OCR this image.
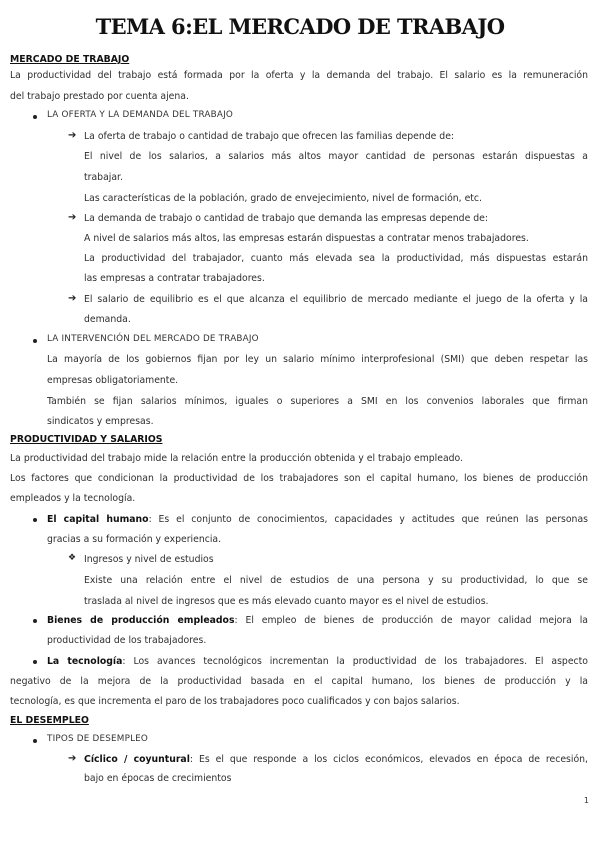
TEMA 6:EL MERCADO DE TRABAJO

MERCADO DE TRABAJO

La productividad del trabajo está formada por la oferta y la demanda del trabajo. El salario es la remuneración

del trabajo prestado por cuenta ajena.

LA OFERTA Y LA DEMANDA DEL TRABAJO

➔ La oferta de trabajo o cantidad de trabajo que ofrecen las familias depende de:

El nivel de los salarios, a salarios más altos mayor cantidad de personas estarán dispuestas a

trabajar.

Las características de la población, grado de envejecimiento, nivel de formación, etc.

➔ La demanda de trabajo o cantidad de trabajo que demanda las empresas depende de:

A nivel de salarios más altos, las empresas estarán dispuestas a contratar menos trabajadores.

La productividad del trabajador, cuanto más elevada sea la productividad, más dispuestas estarán

las empresas a contratar trabajadores.

➔ El salario de equilibrio es el que alcanza el equilibrio de mercado mediante el juego de la oferta y la

demanda.

LA INTERVENCIÓN DEL MERCADO DE TRABAJO

La mayoría de los gobiernos fijan por ley un salario mínimo interprofesional (SMI) que deben respetar las

empresas obligatoriamente.

También se fijan salarios mínimos, iguales o superiores a SMI en los convenios laborales que firman

sindicatos y empresas.

PRODUCTIVIDAD Y SALARIOS

La productividad del trabajo mide la relación entre la producción obtenida y el trabajo empleado.

Los factores que condicionan la productividad de los trabajadores son el capital humano, los bienes de producción

empleados y la tecnología.

El capital humano: Es el conjunto de conocimientos, capacidades y actitudes que reúnen las personas

gracias a su formación y experiencia.

❖ Ingresos y nivel de estudios

Existe una relación entre el nivel de estudios de una persona y su productividad, lo que se

traslada al nivel de ingresos que es más elevado cuanto mayor es el nivel de estudios.

Bienes de producción empleados: El empleo de bienes de producción de mayor calidad mejora la

productividad de los trabajadores.

La tecnología: Los avances tecnológicos incrementan la productividad de los trabajadores. El aspecto

negativo de la mejora de la productividad basada en el capital humano, los bienes de producción y la

tecnología, es que incrementa el paro de los trabajadores poco cualificados y con bajos salarios.

EL DESEMPLEO

TIPOS DE DESEMPLEO

➔ Cíclico / coyuntural: Es el que responde a los ciclos económicos, elevados en época de recesión,

bajo en épocas de crecimientos

1
